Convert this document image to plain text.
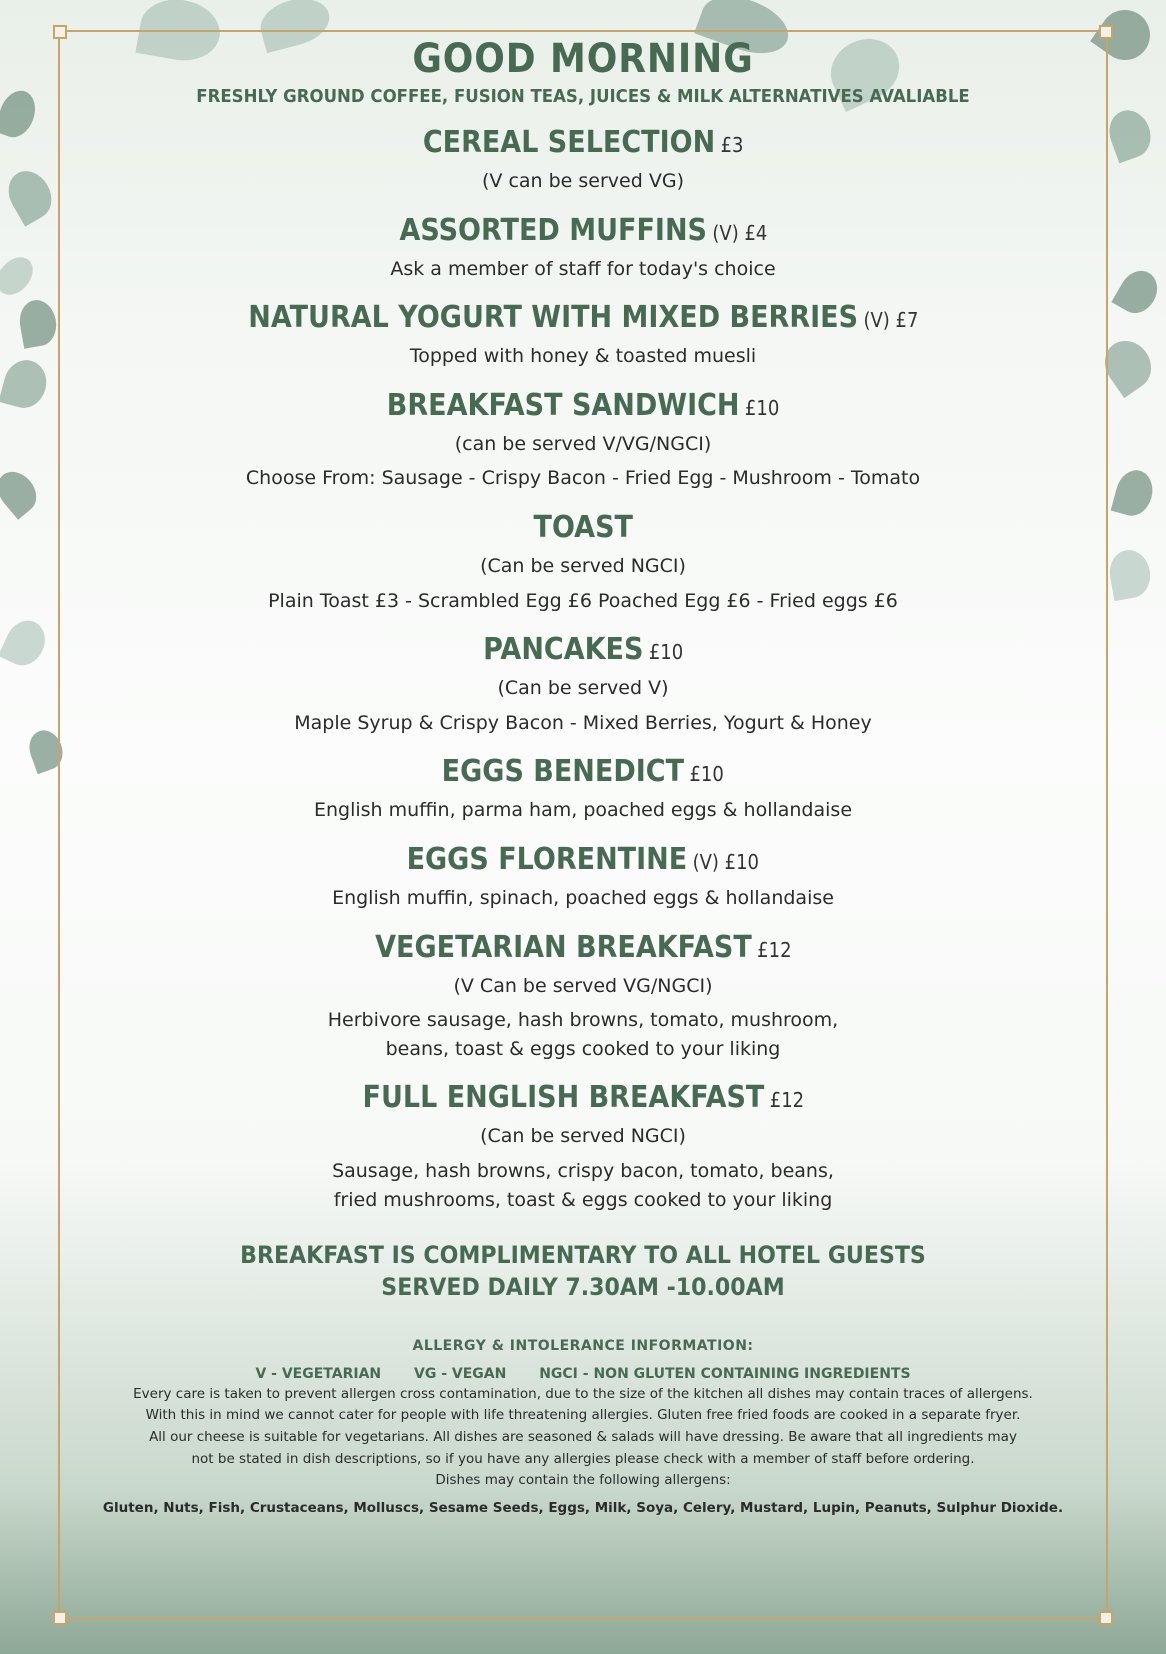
GOOD MORNING
FRESHLY GROUND COFFEE, FUSION TEAS, JUICES & MILK ALTERNATIVES AVALIABLE
CEREAL SELECTION £3
(V can be served VG)
ASSORTED MUFFINS (V) £4
Ask a member of staff for today's choice
NATURAL YOGURT WITH MIXED BERRIES (V) £7
Topped with honey & toasted muesli
BREAKFAST SANDWICH £10
(can be served V/VG/NGCI)
Choose From: Sausage - Crispy Bacon - Fried Egg - Mushroom - Tomato
TOAST
(Can be served NGCI)
Plain Toast £3 - Scrambled Egg £6 Poached Egg £6 - Fried eggs £6
PANCAKES £10
(Can be served V)
Maple Syrup & Crispy Bacon - Mixed Berries, Yogurt & Honey
EGGS BENEDICT £10
English muffin, parma ham, poached eggs & hollandaise
EGGS FLORENTINE (V) £10
English muffin, spinach, poached eggs & hollandaise
VEGETARIAN BREAKFAST £12
(V Can be served VG/NGCI)
Herbivore sausage, hash browns, tomato, mushroom,
beans, toast & eggs cooked to your liking
FULL ENGLISH BREAKFAST £12
(Can be served NGCI)
Sausage, hash browns, crispy bacon, tomato, beans,
fried mushrooms, toast & eggs cooked to your liking
BREAKFAST IS COMPLIMENTARY TO ALL HOTEL GUESTS
SERVED DAILY 7.30AM -10.00AM
ALLERGY & INTOLERANCE INFORMATION:
V - VEGETARIAN VG - VEGAN NGCI - NON GLUTEN CONTAINING INGREDIENTS
Every care is taken to prevent allergen cross contamination, due to the size of the kitchen all dishes may contain traces of allergens.
With this in mind we cannot cater for people with life threatening allergies. Gluten free fried foods are cooked in a separate fryer.
All our cheese is suitable for vegetarians. All dishes are seasoned & salads will have dressing. Be aware that all ingredients may
not be stated in dish descriptions, so if you have any allergies please check with a member of staff before ordering.
Dishes may contain the following allergens:
Gluten, Nuts, Fish, Crustaceans, Molluscs, Sesame Seeds, Eggs, Milk, Soya, Celery, Mustard, Lupin, Peanuts, Sulphur Dioxide.
